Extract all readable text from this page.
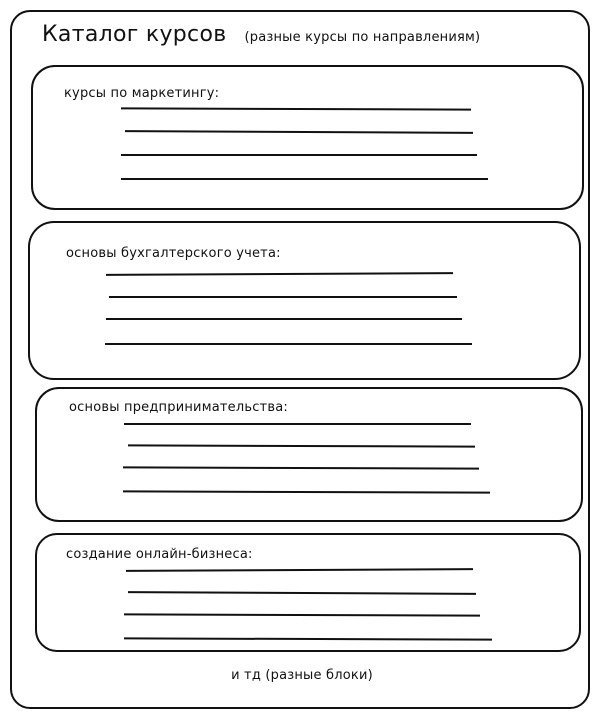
Каталог курсов (разные курсы по направлениям)
курсы по маркетингу:
основы бухгалтерского учета:
основы предпринимательства:
создание онлайн-бизнеса:
и тд (разные блоки)
